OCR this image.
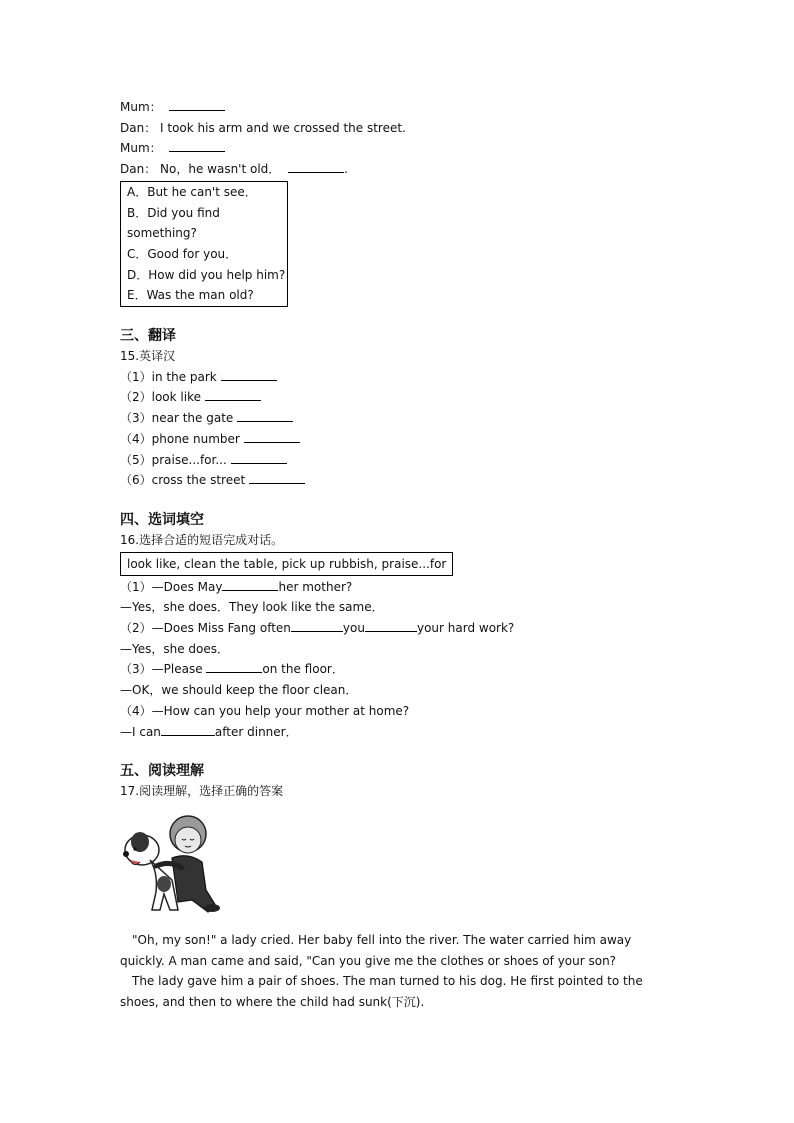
Mum：
Dan： I took his arm and we crossed the street.
Mum：
Dan： No，he wasn't old．	.
A．But he can't see．
B．Did you find something?
C．Good for you．
D．How did you help him?
E．Was the man old?
三、翻译
15.英译汉
（1）in the park
（2）look like
（3）near the gate
（4）phone number
（5）praise...for...
（6）cross the street
四、选词填空
16.选择合适的短语完成对话。
look like, clean the table, pick up rubbish, praise...for
（1）—Does May	her mother?
—Yes，she does．They look like the same．
（2）—Does Miss Fang often	you	your hard work?
—Yes，she does．
（3）—Please	on the floor．
—OK，we should keep the floor clean．
（4）—How can you help your mother at home?
—I can	after dinner．
五、阅读理解
17.阅读理解，选择正确的答案
"Oh, my son!" a lady cried. Her baby fell into the river. The water carried him away quickly. A man came and said, "Can you give me the clothes or shoes of your son?
The lady gave him a pair of shoes. The man turned to his dog. He first pointed to the shoes, and then to where the child had sunk(下沉).
